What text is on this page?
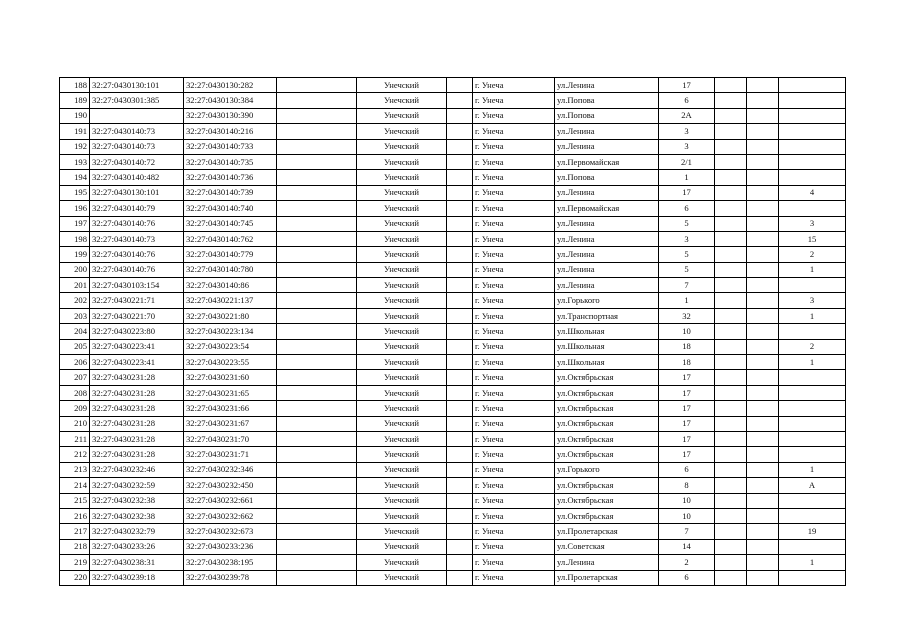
188	32:27:0430130:101	32:27:0430130:282		Унечский		г. Унеча	ул.Ленина	17			
189	32:27:0430301:385	32:27:0430130:384		Унечский		г. Унеча	ул.Попова	6			
190		32:27:0430130:390		Унечский		г. Унеча	ул.Попова	2А			
191	32:27:0430140:73	32:27:0430140:216		Унечский		г. Унеча	ул.Ленина	3			
192	32:27:0430140:73	32:27:0430140:733		Унечский		г. Унеча	ул.Ленина	3			
193	32:27:0430140:72	32:27:0430140:735		Унечский		г. Унеча	ул.Первомайская	2/1			
194	32:27:0430140:482	32:27:0430140:736		Унечский		г. Унеча	ул.Попова	1			
195	32:27:0430130:101	32:27:0430140:739		Унечский		г. Унеча	ул.Ленина	17			4
196	32:27:0430140:79	32:27:0430140:740		Унечский		г. Унеча	ул.Первомайская	6			
197	32:27:0430140:76	32:27:0430140:745		Унечский		г. Унеча	ул.Ленина	5			3
198	32:27:0430140:73	32:27:0430140:762		Унечский		г. Унеча	ул.Ленина	3			15
199	32:27:0430140:76	32:27:0430140:779		Унечский		г. Унеча	ул.Ленина	5			2
200	32:27:0430140:76	32:27:0430140:780		Унечский		г. Унеча	ул.Ленина	5			1
201	32:27:0430103:154	32:27:0430140:86		Унечский		г. Унеча	ул.Ленина	7			
202	32:27:0430221:71	32:27:0430221:137		Унечский		г. Унеча	ул.Горького	1			3
203	32:27:0430221:70	32:27:0430221:80		Унечский		г. Унеча	ул.Транспортная	32			1
204	32:27:0430223:80	32:27:0430223:134		Унечский		г. Унеча	ул.Школьная	10			
205	32:27:0430223:41	32:27:0430223:54		Унечский		г. Унеча	ул.Школьная	18			2
206	32:27:0430223:41	32:27:0430223:55		Унечский		г. Унеча	ул.Школьная	18			1
207	32:27:0430231:28	32:27:0430231:60		Унечский		г. Унеча	ул.Октябрьская	17			
208	32:27:0430231:28	32:27:0430231:65		Унечский		г. Унеча	ул.Октябрьская	17			
209	32:27:0430231:28	32:27:0430231:66		Унечский		г. Унеча	ул.Октябрьская	17			
210	32:27:0430231:28	32:27:0430231:67		Унечский		г. Унеча	ул.Октябрьская	17			
211	32:27:0430231:28	32:27:0430231:70		Унечский		г. Унеча	ул.Октябрьская	17			
212	32:27:0430231:28	32:27:0430231:71		Унечский		г. Унеча	ул.Октябрьская	17			
213	32:27:0430232:46	32:27:0430232:346		Унечский		г. Унеча	ул.Горького	6			1
214	32:27:0430232:59	32:27:0430232:450		Унечский		г. Унеча	ул.Октябрьская	8			А
215	32:27:0430232:38	32:27:0430232:661		Унечский		г. Унеча	ул.Октябрьская	10			
216	32:27:0430232:38	32:27:0430232:662		Унечский		г. Унеча	ул.Октябрьская	10			
217	32:27:0430232:79	32:27:0430232:673		Унечский		г. Унеча	ул.Пролетарская	7			19
218	32:27:0430233:26	32:27:0430233:236		Унечский		г. Унеча	ул.Советская	14			
219	32:27:0430238:31	32:27:0430238:195		Унечский		г. Унеча	ул.Ленина	2			1
220	32:27:0430239:18	32:27:0430239:78		Унечский		г. Унеча	ул.Пролетарская	6			
